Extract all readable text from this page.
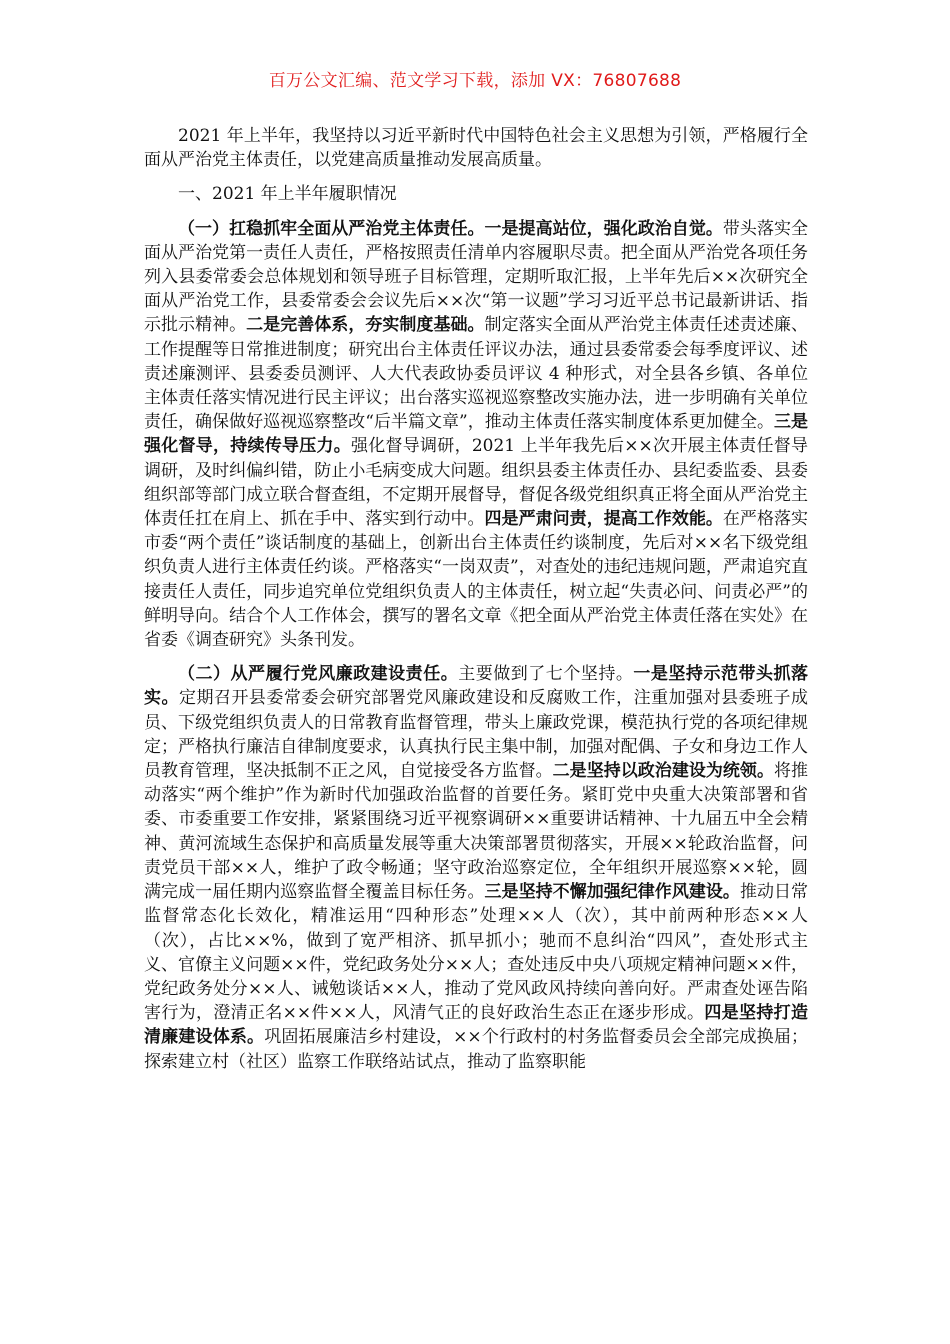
百万公文汇编、范文学习下载，添加 VX：76807688

2021 年上半年，我坚持以习近平新时代中国特色社会主义思想为引领，严格履行全面从严治党主体责任，以党建高质量推动发展高质量。

一、2021 年上半年履职情况

（一）扛稳抓牢全面从严治党主体责任。一是提高站位，强化政治自觉。带头落实全面从严治党第一责任人责任，严格按照责任清单内容履职尽责。把全面从严治党各项任务列入县委常委会总体规划和领导班子目标管理，定期听取汇报，上半年先后××次研究全面从严治党工作，县委常委会会议先后××次“第一议题”学习习近平总书记最新讲话、指示批示精神。二是完善体系，夯实制度基础。制定落实全面从严治党主体责任述责述廉、工作提醒等日常推进制度；研究出台主体责任评议办法，通过县委常委会每季度评议、述责述廉测评、县委委员测评、人大代表政协委员评议 4 种形式，对全县各乡镇、各单位主体责任落实情况进行民主评议；出台落实巡视巡察整改实施办法，进一步明确有关单位责任，确保做好巡视巡察整改“后半篇文章”，推动主体责任落实制度体系更加健全。三是强化督导，持续传导压力。强化督导调研，2021 上半年我先后××次开展主体责任督导调研，及时纠偏纠错，防止小毛病变成大问题。组织县委主体责任办、县纪委监委、县委组织部等部门成立联合督查组，不定期开展督导，督促各级党组织真正将全面从严治党主体责任扛在肩上、抓在手中、落实到行动中。四是严肃问责，提高工作效能。在严格落实市委“两个责任”谈话制度的基础上，创新出台主体责任约谈制度，先后对××名下级党组织负责人进行主体责任约谈。严格落实“一岗双责”，对查处的违纪违规问题，严肃追究直接责任人责任，同步追究单位党组织负责人的主体责任，树立起“失责必问、问责必严”的鲜明导向。结合个人工作体会，撰写的署名文章《把全面从严治党主体责任落在实处》在省委《调查研究》头条刊发。

（二）从严履行党风廉政建设责任。主要做到了七个坚持。一是坚持示范带头抓落实。定期召开县委常委会研究部署党风廉政建设和反腐败工作，注重加强对县委班子成员、下级党组织负责人的日常教育监督管理，带头上廉政党课，模范执行党的各项纪律规定；严格执行廉洁自律制度要求，认真执行民主集中制，加强对配偶、子女和身边工作人员教育管理，坚决抵制不正之风，自觉接受各方监督。二是坚持以政治建设为统领。将推动落实“两个维护”作为新时代加强政治监督的首要任务。紧盯党中央重大决策部署和省委、市委重要工作安排，紧紧围绕习近平视察调研××重要讲话精神、十九届五中全会精神、黄河流域生态保护和高质量发展等重大决策部署贯彻落实，开展××轮政治监督，问责党员干部××人，维护了政令畅通；坚守政治巡察定位，全年组织开展巡察××轮，圆满完成一届任期内巡察监督全覆盖目标任务。三是坚持不懈加强纪律作风建设。推动日常监督常态化长效化，精准运用“四种形态”处理××人（次），其中前两种形态××人（次），占比××%，做到了宽严相济、抓早抓小；驰而不息纠治“四风”，查处形式主义、官僚主义问题××件，党纪政务处分××人；查处违反中央八项规定精神问题××件，党纪政务处分××人、诫勉谈话××人，推动了党风政风持续向善向好。严肃查处诬告陷害行为，澄清正名××件××人，风清气正的良好政治生态正在逐步形成。四是坚持打造清廉建设体系。巩固拓展廉洁乡村建设，××个行政村的村务监督委员会全部完成换届；探索建立村（社区）监察工作联络站试点，推动了监察职能
